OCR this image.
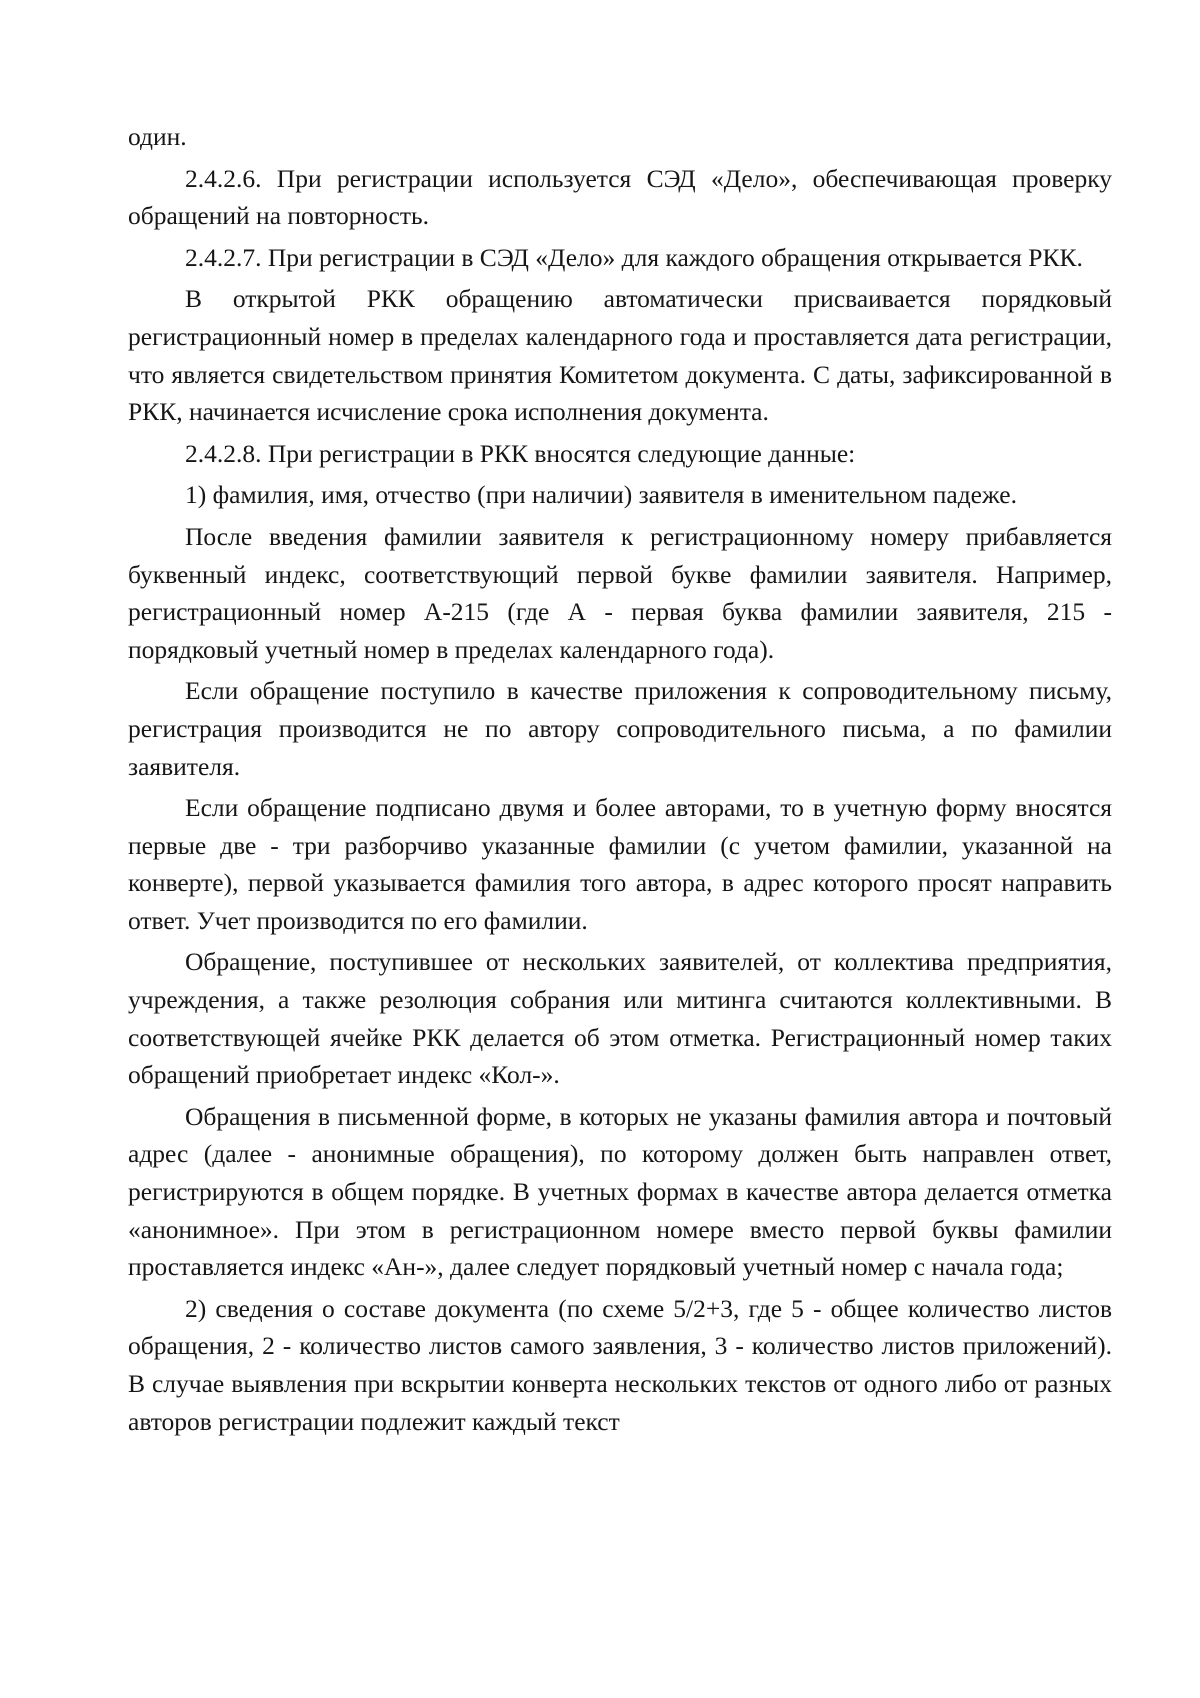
один.

2.4.2.6. При регистрации используется СЭД «Дело», обеспечивающая проверку обращений на повторность.

2.4.2.7. При регистрации в СЭД «Дело» для каждого обращения открывается РКК.

В открытой РКК обращению автоматически присваивается порядковый регистрационный номер в пределах календарного года и проставляется дата регистрации, что является свидетельством принятия Комитетом документа. С даты, зафиксированной в РКК, начинается исчисление срока исполнения документа.

2.4.2.8. При регистрации в РКК вносятся следующие данные:

1) фамилия, имя, отчество (при наличии) заявителя в именительном падеже.

После введения фамилии заявителя к регистрационному номеру прибавляется буквенный индекс, соответствующий первой букве фамилии заявителя. Например, регистрационный номер А-215 (где А - первая буква фамилии заявителя, 215 - порядковый учетный номер в пределах календарного года).

Если обращение поступило в качестве приложения к сопроводительному письму, регистрация производится не по автору сопроводительного письма, а по фамилии заявителя.

Если обращение подписано двумя и более авторами, то в учетную форму вносятся первые две - три разборчиво указанные фамилии (с учетом фамилии, указанной на конверте), первой указывается фамилия того автора, в адрес которого просят направить ответ. Учет производится по его фамилии.

Обращение, поступившее от нескольких заявителей, от коллектива предприятия, учреждения, а также резолюция собрания или митинга считаются коллективными. В соответствующей ячейке РКК делается об этом отметка. Регистрационный номер таких обращений приобретает индекс «Кол-».

Обращения в письменной форме, в которых не указаны фамилия автора и почтовый адрес (далее - анонимные обращения), по которому должен быть направлен ответ, регистрируются в общем порядке. В учетных формах в качестве автора делается отметка «анонимное». При этом в регистрационном номере вместо первой буквы фамилии проставляется индекс «Ан-», далее следует порядковый учетный номер с начала года;

2) сведения о составе документа (по схеме 5/2+3, где 5 - общее количество листов обращения, 2 - количество листов самого заявления, 3 - количество листов приложений). В случае выявления при вскрытии конверта нескольких текстов от одного либо от разных авторов регистрации подлежит каждый текст
